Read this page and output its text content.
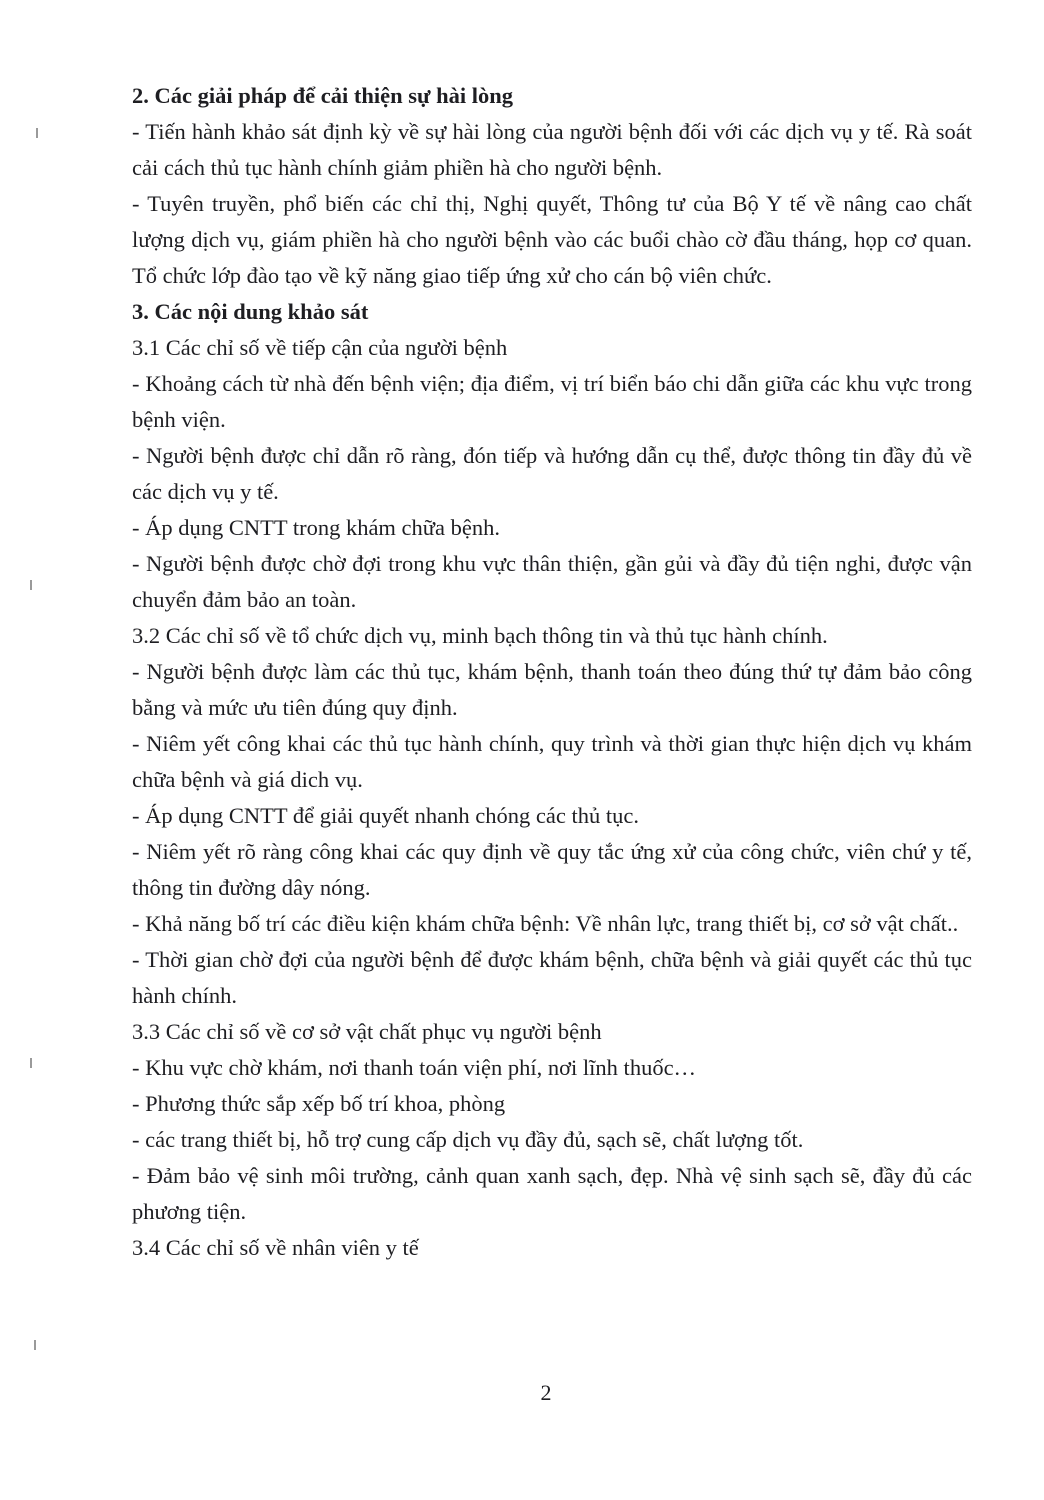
2. Các giải pháp để cải thiện sự hài lòng

- Tiến hành khảo sát định kỳ về sự hài lòng của người bệnh đối với các dịch vụ y tế. Rà soát cải cách thủ tục hành chính giảm phiền hà cho người bệnh.

- Tuyên truyền, phổ biến các chỉ thị, Nghị quyết, Thông tư của Bộ Y tế về nâng cao chất lượng dịch vụ, giám phiền hà cho người bệnh vào các buổi chào cờ đầu tháng, họp cơ quan. Tổ chức lớp đào tạo về kỹ năng giao tiếp ứng xử cho cán bộ viên chức.

3. Các nội dung khảo sát

3.1 Các chỉ số về tiếp cận của người bệnh

- Khoảng cách từ nhà đến bệnh viện; địa điểm, vị trí biển báo chi dẫn giữa các khu vực trong bệnh viện.

- Người bệnh được chỉ dẫn rõ ràng, đón tiếp và hướng dẫn cụ thể, được thông tin đầy đủ về các dịch vụ y tế.

- Áp dụng CNTT trong khám chữa bệnh.

- Người bệnh được chờ đợi trong khu vực thân thiện, gần gủi và đầy đủ tiện nghi, được vận chuyển đảm bảo an toàn.

3.2 Các chỉ số về tổ chức dịch vụ, minh bạch thông tin và thủ tục hành chính.

- Người bệnh được làm các thủ tục, khám bệnh, thanh toán theo đúng thứ tự đảm bảo công bằng và mức ưu tiên đúng quy định.

- Niêm yết công khai các thủ tục hành chính, quy trình và thời gian thực hiện dịch vụ khám chữa bệnh và giá dich vụ.

- Áp dụng CNTT để giải quyết nhanh chóng các thủ tục.

- Niêm yết rõ ràng công khai các quy định về quy tắc ứng xử của công chức, viên chứ y tế, thông tin đường dây nóng.

- Khả năng bố trí các điều kiện khám chữa bệnh: Về nhân lực, trang thiết bị, cơ sở vật chất..

- Thời gian chờ đợi của người bệnh để được khám bệnh, chữa bệnh và giải quyết các thủ tục hành chính.

3.3 Các chỉ số về cơ sở vật chất phục vụ người bệnh

- Khu vực chờ khám, nơi thanh toán viện phí, nơi lĩnh thuốc…

- Phương thức sắp xếp bố trí khoa, phòng

- các trang thiết bị, hỗ trợ cung cấp dịch vụ đầy đủ, sạch sẽ, chất lượng tốt.

- Đảm bảo vệ sinh môi trường, cảnh quan xanh sạch, đẹp. Nhà vệ sinh sạch sẽ, đầy đủ các phương tiện.

3.4 Các chỉ số về nhân viên y tế

2
